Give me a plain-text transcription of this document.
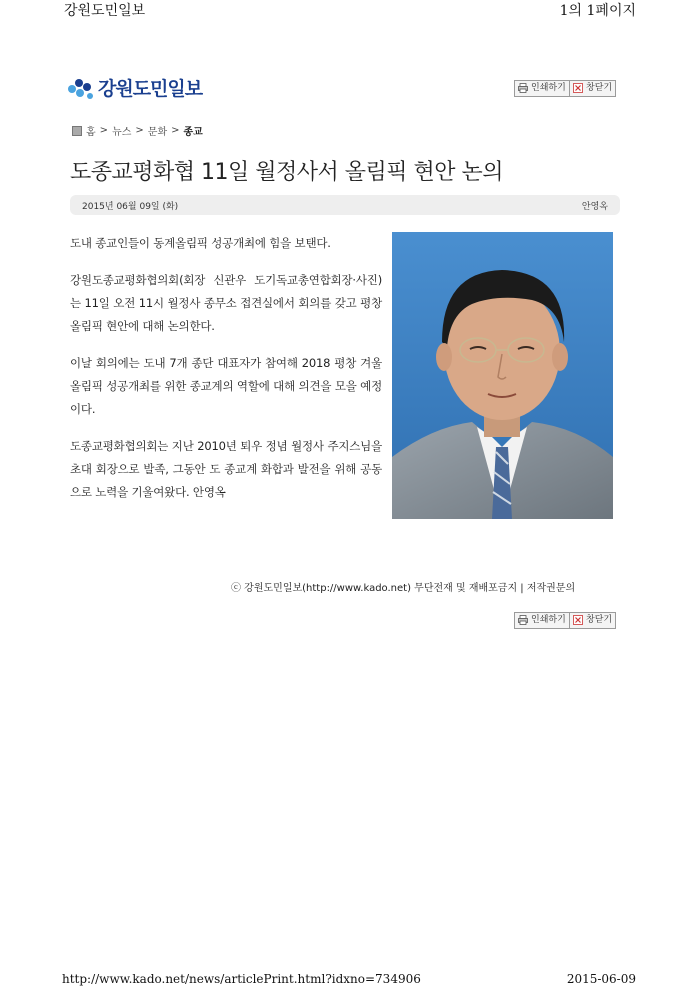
강원도민일보	1의 1페이지
강원도민일보	인쇄하기	창닫기
홈 > 뉴스 > 문화 > 종교
도종교평화협 11일 월정사서 올림픽 현안 논의
2015년 06월 09일 (화)	안영옥

도내 종교인들이 동계올림픽 성공개최에 힘을 보탠다.

강원도종교평화협의회(회장 신관우 도기독교총연합회장·사진)는 11일 오전 11시 월정사 종무소 접견실에서 회의를 갖고 평창 올림픽 현안에 대해 논의한다.

이날 회의에는 도내 7개 종단 대표자가 참여해 2018 평창 겨울올림픽 성공개최를 위한 종교계의 역할에 대해 의견을 모을 예정이다.

도종교평화협의회는 지난 2010년 퇴우 정념 월정사 주지스님을 초대 회장으로 발족, 그동안 도 종교계 화합과 발전을 위해 공동으로 노력을 기울여왔다. 안영옥

ⓒ 강원도민일보(http://www.kado.net) 무단전재 및 재배포금지 | 저작권문의
인쇄하기	창닫기
http://www.kado.net/news/articlePrint.html?idxno=734906	2015-06-09
